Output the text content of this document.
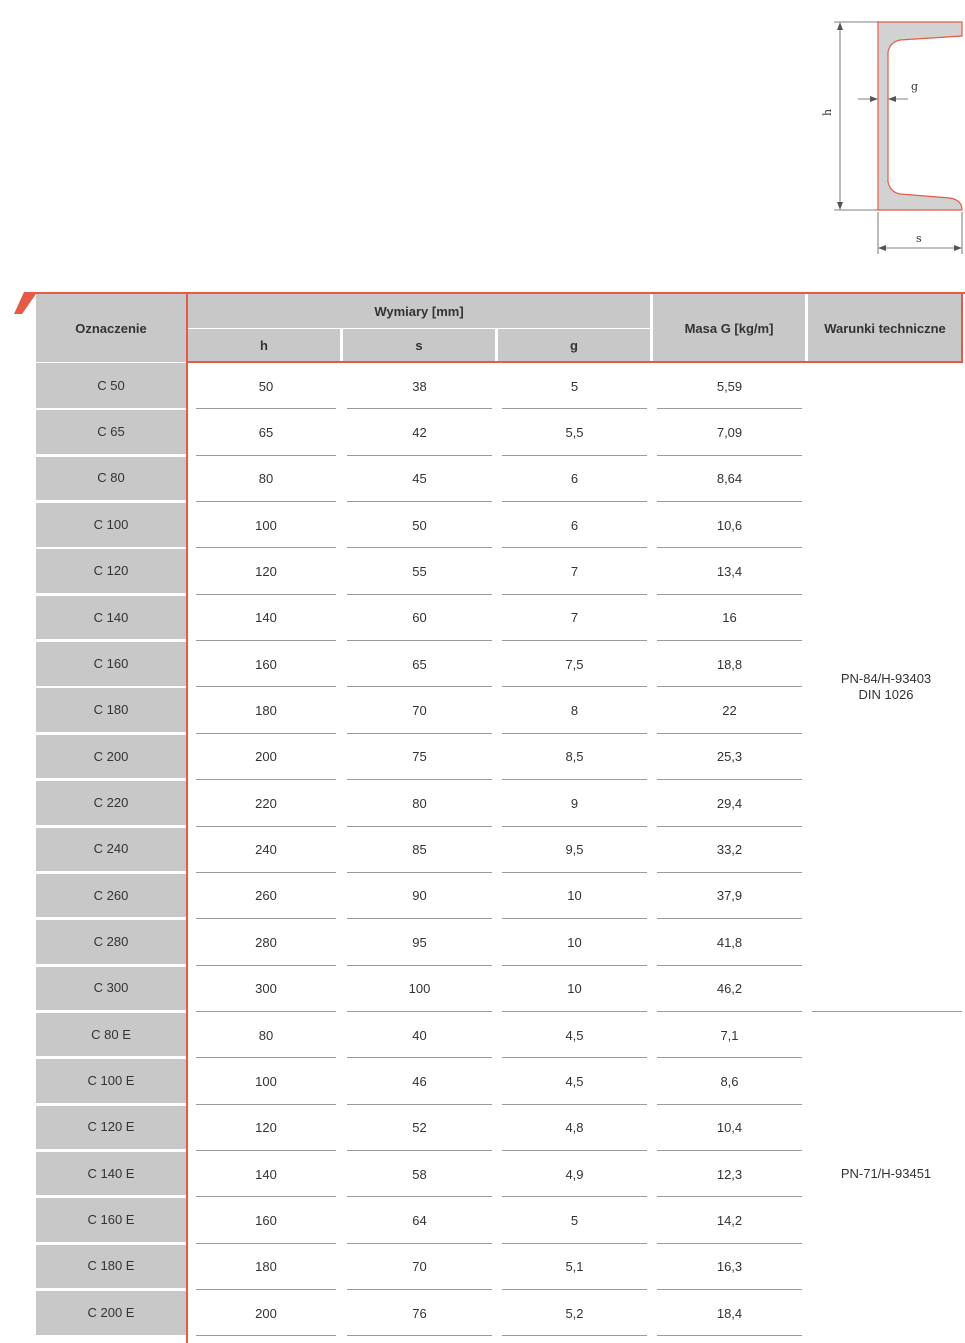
h
g
s
Oznaczenie
Wymiary [mm]
h	s	g
Masa G [kg/m]	Warunki techniczne
C 50	50	38	5	5,59
C 65	65	42	5,5	7,09
C 80	80	45	6	8,64
C 100	100	50	6	10,6
C 120	120	55	7	13,4
C 140	140	60	7	16
C 160	160	65	7,5	18,8
C 180	180	70	8	22
C 200	200	75	8,5	25,3
C 220	220	80	9	29,4
C 240	240	85	9,5	33,2
C 260	260	90	10	37,9
C 280	280	95	10	41,8
C 300	300	100	10	46,2
C 80 E	80	40	4,5	7,1
C 100 E	100	46	4,5	8,6
C 120 E	120	52	4,8	10,4
C 140 E	140	58	4,9	12,3
C 160 E	160	64	5	14,2
C 180 E	180	70	5,1	16,3
C 200 E	200	76	5,2	18,4
PN-84/H-93403
DIN 1026
PN-71/H-93451
